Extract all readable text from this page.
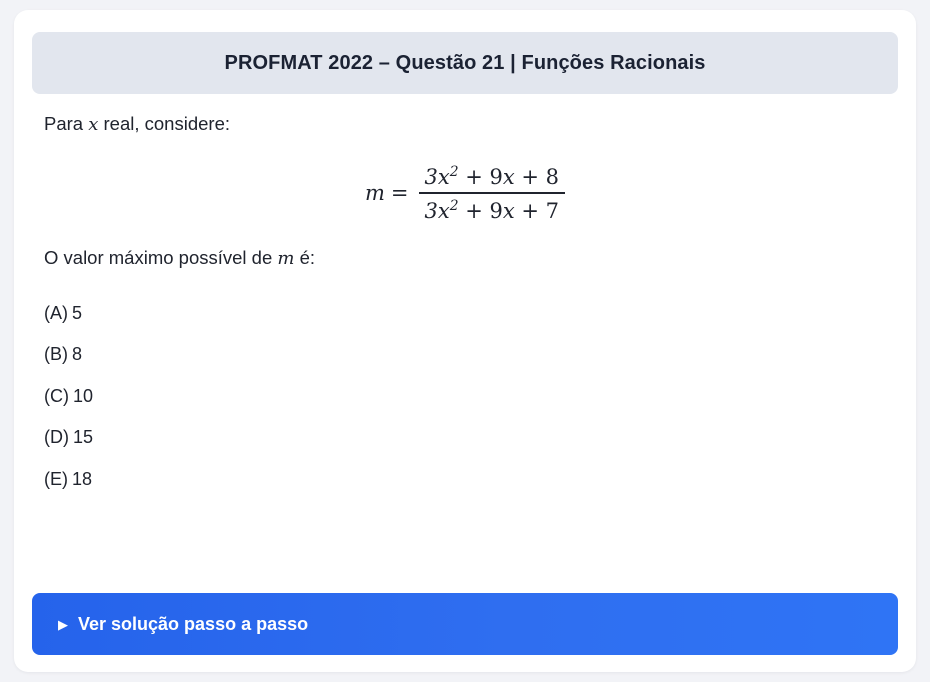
PROFMAT 2022 – Questão 21 | Funções Racionais

Para x real, considere:

$m = \frac{3x^2 + 9x + 8}{3x^2 + 9x + 7}$

O valor máximo possível de m é:

(A) 5
(B) 8
(C) 10
(D) 15
(E) 18
▶ Ver solução passo a passo
